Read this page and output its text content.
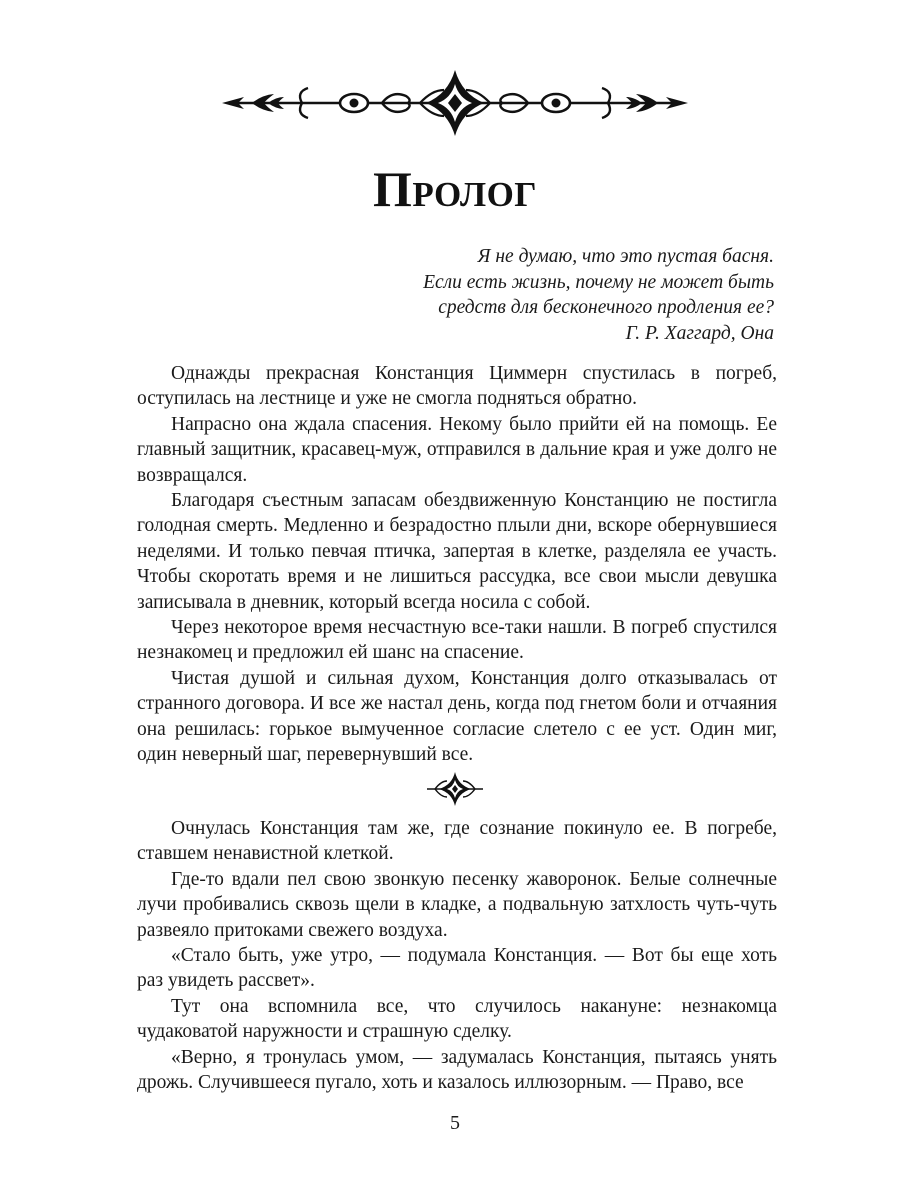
Пролог

Я не думаю, что это пустая басня.

Если есть жизнь, почему не может быть

средств для бесконечного продления ее?

Г. Р. Хаггард, Она

Однажды прекрасная Констанция Циммерн спустилась в погреб, оступилась на лестнице и уже не смогла подняться обратно.

Напрасно она ждала спасения. Некому было прийти ей на помощь. Ее главный защитник, красавец-муж, отправился в дальние края и уже долго не возвращался.

Благодаря съестным запасам обездвиженную Констанцию не постигла голодная смерть. Медленно и безрадостно плыли дни, вскоре обернувшиеся неделями. И только певчая птичка, запертая в клетке, разделяла ее участь. Чтобы скоротать время и не лишиться рассудка, все свои мысли девушка записывала в дневник, который всегда носила с собой.

Через некоторое время несчастную все-таки нашли. В погреб спустился незнакомец и предложил ей шанс на спасение.

Чистая душой и сильная духом, Констанция долго отказывалась от странного договора. И все же настал день, когда под гнетом боли и отчаяния она решилась: горькое вымученное согласие слетело с ее уст. Один миг, один неверный шаг, перевернувший все.

Очнулась Констанция там же, где сознание покинуло ее. В погребе, ставшем ненавистной клеткой.

Где-то вдали пел свою звонкую песенку жаворонок. Белые солнечные лучи пробивались сквозь щели в кладке, а подвальную затхлость чуть-чуть развеяло притоками свежего воздуха.

«Стало быть, уже утро, — подумала Констанция. — Вот бы еще хоть раз увидеть рассвет».

Тут она вспомнила все, что случилось накануне: незнакомца чудаковатой наружности и страшную сделку.

«Верно, я тронулась умом, — задумалась Констанция, пытаясь унять дрожь. Случившееся пугало, хоть и казалось иллюзорным. — Право, все

5
